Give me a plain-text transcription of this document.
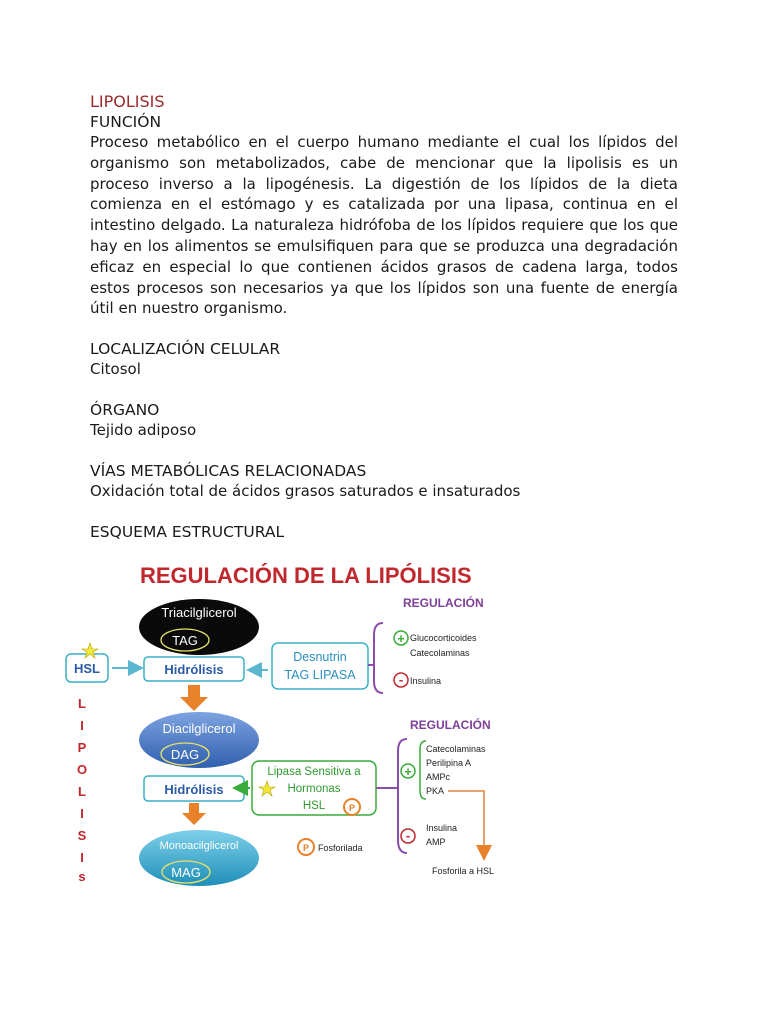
LIPOLISIS

FUNCIÓN

Proceso metabólico en el cuerpo humano mediante el cual los lípidos del organismo son metabolizados, cabe de mencionar que la lipolisis es un proceso inverso a la lipogénesis. La digestión de los lípidos de la dieta comienza en el estómago y es catalizada por una lipasa, continua en el intestino delgado. La naturaleza hidrófoba de los lípidos requiere que los que hay en los alimentos se emulsifiquen para que se produzca una degradación eficaz en especial lo que contienen ácidos grasos de cadena larga, todos estos procesos son necesarios ya que los lípidos son una fuente de energía útil en nuestro organismo.

LOCALIZACIÓN CELULAR

Citosol

ÓRGANO

Tejido adiposo

VÍAS METABÓLICAS RELACIONADAS

Oxidación total de ácidos grasos saturados e insaturados

ESQUEMA ESTRUCTURAL

REGULACIÓN DE LA LIPÓLISIS
Triacilglicerol
TAG
HSL	Hidrólisis
Desnutrin
TAG LIPASA
REGULACIÓN
+ Glucocorticoides
Catecolaminas
- Insulina
Diacilglicerol
DAG
Hidrólisis
Lipasa Sensitiva a
Hormonas
HSL	P
REGULACIÓN
+
Catecolaminas
Perilipina A
AMPc
PKA
- Insulina
AMP
Fosforila a HSL
P Fosforilada
Monoacilglicerol
MAG
L
I
P
O
L
I
S
I
s
